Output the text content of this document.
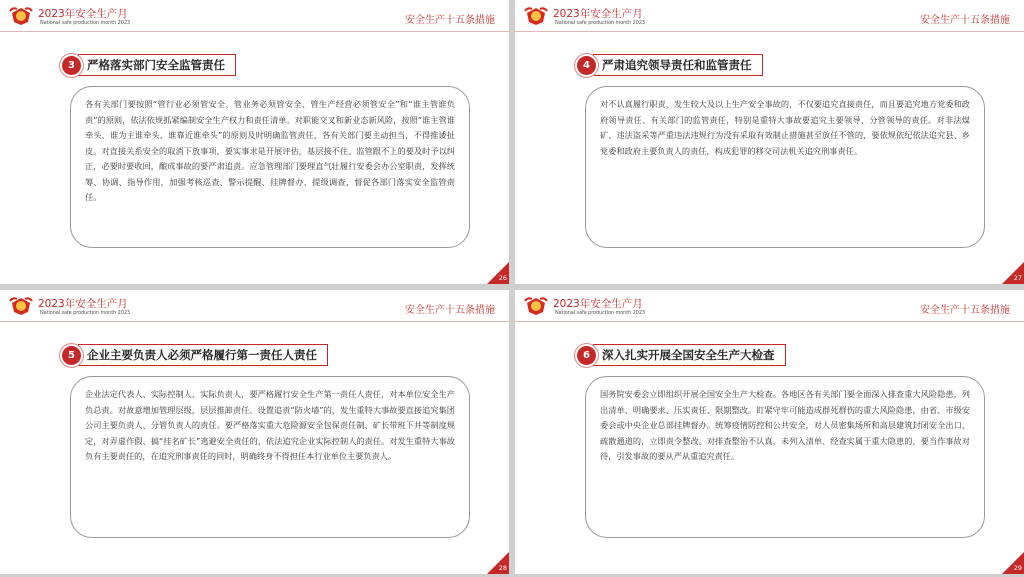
2023年安全生产月
National safe production month 2023	安全生产十五条措施
3	严格落实部门安全监管责任
各有关部门要按照“管行业必须管安全、管业务必须管安全、管生产经营必须管安全”和“谁主管谁负责”的原则，依法依规抓紧编制安全生产权力和责任清单。对职能交叉和新业态新风险，按照“谁主管谁牵头、谁为主谁牵头、谁靠近谁牵头”的原则及时明确监管责任，各有关部门要主动担当，不得推诿扯皮。对直接关系安全的取消下放事项，要实事求是开展评估，基层接不住、监管跟不上的要及时予以纠正，必要时要收回，酿成事故的要严肃追责。应急管理部门要理直气壮履行安委会办公室职责，发挥统筹、协调、指导作用，加强考核巡查、警示提醒、挂牌督办、提级调查，督促各部门落实安全监管责任。
26
2023年安全生产月
National safe production month 2023	安全生产十五条措施
4	严肃追究领导责任和监管责任
对不认真履行职责，发生较大及以上生产安全事故的，不仅要追究直接责任，而且要追究地方党委和政府领导责任、有关部门的监管责任，特别是重特大事故要追究主要领导、分管领导的责任。对非法煤矿、违法盗采等严重违法违规行为没有采取有效制止措施甚至放任不管的，要依规依纪依法追究县、乡党委和政府主要负责人的责任，构成犯罪的移交司法机关追究刑事责任。
27
2023年安全生产月
National safe production month 2023	安全生产十五条措施
5	企业主要负责人必须严格履行第一责任人责任
企业法定代表人、实际控制人、实际负责人，要严格履行安全生产第一责任人责任，对本单位安全生产负总责。对故意增加管理层级，层层推卸责任、设置追责“防火墙”的，发生重特大事故要直接追究集团公司主要负责人、分管负责人的责任。要严格落实重大危险源安全包保责任制、矿长带班下井等制度规定，对弄虚作假、搞“挂名矿长”逃避安全责任的，依法追究企业实际控制人的责任。对发生重特大事故负有主要责任的，在追究刑事责任的同时，明确终身不得担任本行业单位主要负责人。
28
2023年安全生产月
National safe production month 2023	安全生产十五条措施
6	深入扎实开展全国安全生产大检查
国务院安委会立即组织开展全国安全生产大检查。各地区各有关部门要全面深入排查重大风险隐患，列出清单、明确要求、压实责任、限期整改。盯紧守牢可能造成群死群伤的重大风险隐患，由省、市级安委会或中央企业总部挂牌督办。统筹疫情防控和公共安全，对人员密集场所和高层建筑封闭安全出口、疏散通道的，立即责令整改。对排查整治不认真，未列入清单、经查实属于重大隐患的，要当作事故对待，引发事故的要从严从重追究责任。
29
